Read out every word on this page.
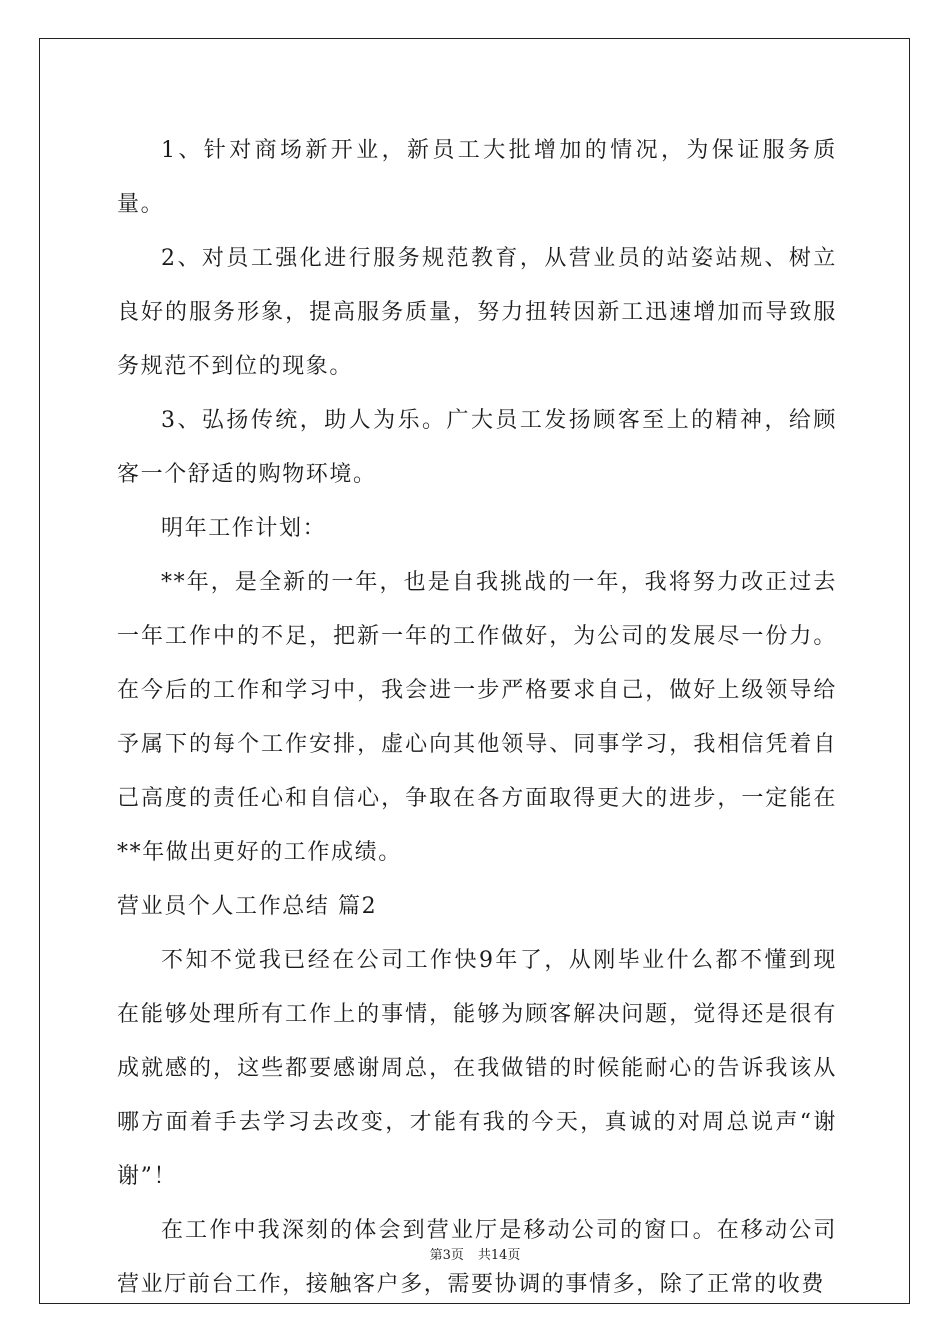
1、针对商场新开业，新员工大批增加的情况，为保证服务质量。

2、对员工强化进行服务规范教育，从营业员的站姿站规、树立良好的服务形象，提高服务质量，努力扭转因新工迅速增加而导致服务规范不到位的现象。

3、弘扬传统，助人为乐。广大员工发扬顾客至上的精神，给顾客一个舒适的购物环境。

明年工作计划：

**年，是全新的一年，也是自我挑战的一年，我将努力改正过去一年工作中的不足，把新一年的工作做好，为公司的发展尽一份力。在今后的工作和学习中，我会进一步严格要求自己，做好上级领导给予属下的每个工作安排，虚心向其他领导、同事学习，我相信凭着自己高度的责任心和自信心，争取在各方面取得更大的进步，一定能在**年做出更好的工作成绩。

营业员个人工作总结 篇2

不知不觉我已经在公司工作快9年了，从刚毕业什么都不懂到现在能够处理所有工作上的事情，能够为顾客解决问题，觉得还是很有成就感的，这些都要感谢周总，在我做错的时候能耐心的告诉我该从哪方面着手去学习去改变，才能有我的今天，真诚的对周总说声“谢谢”！

在工作中我深刻的体会到营业厅是移动公司的窗口。在移动公司营业厅前台工作，接触客户多，需要协调的事情多，除了正常的收费

第3页 共14页
